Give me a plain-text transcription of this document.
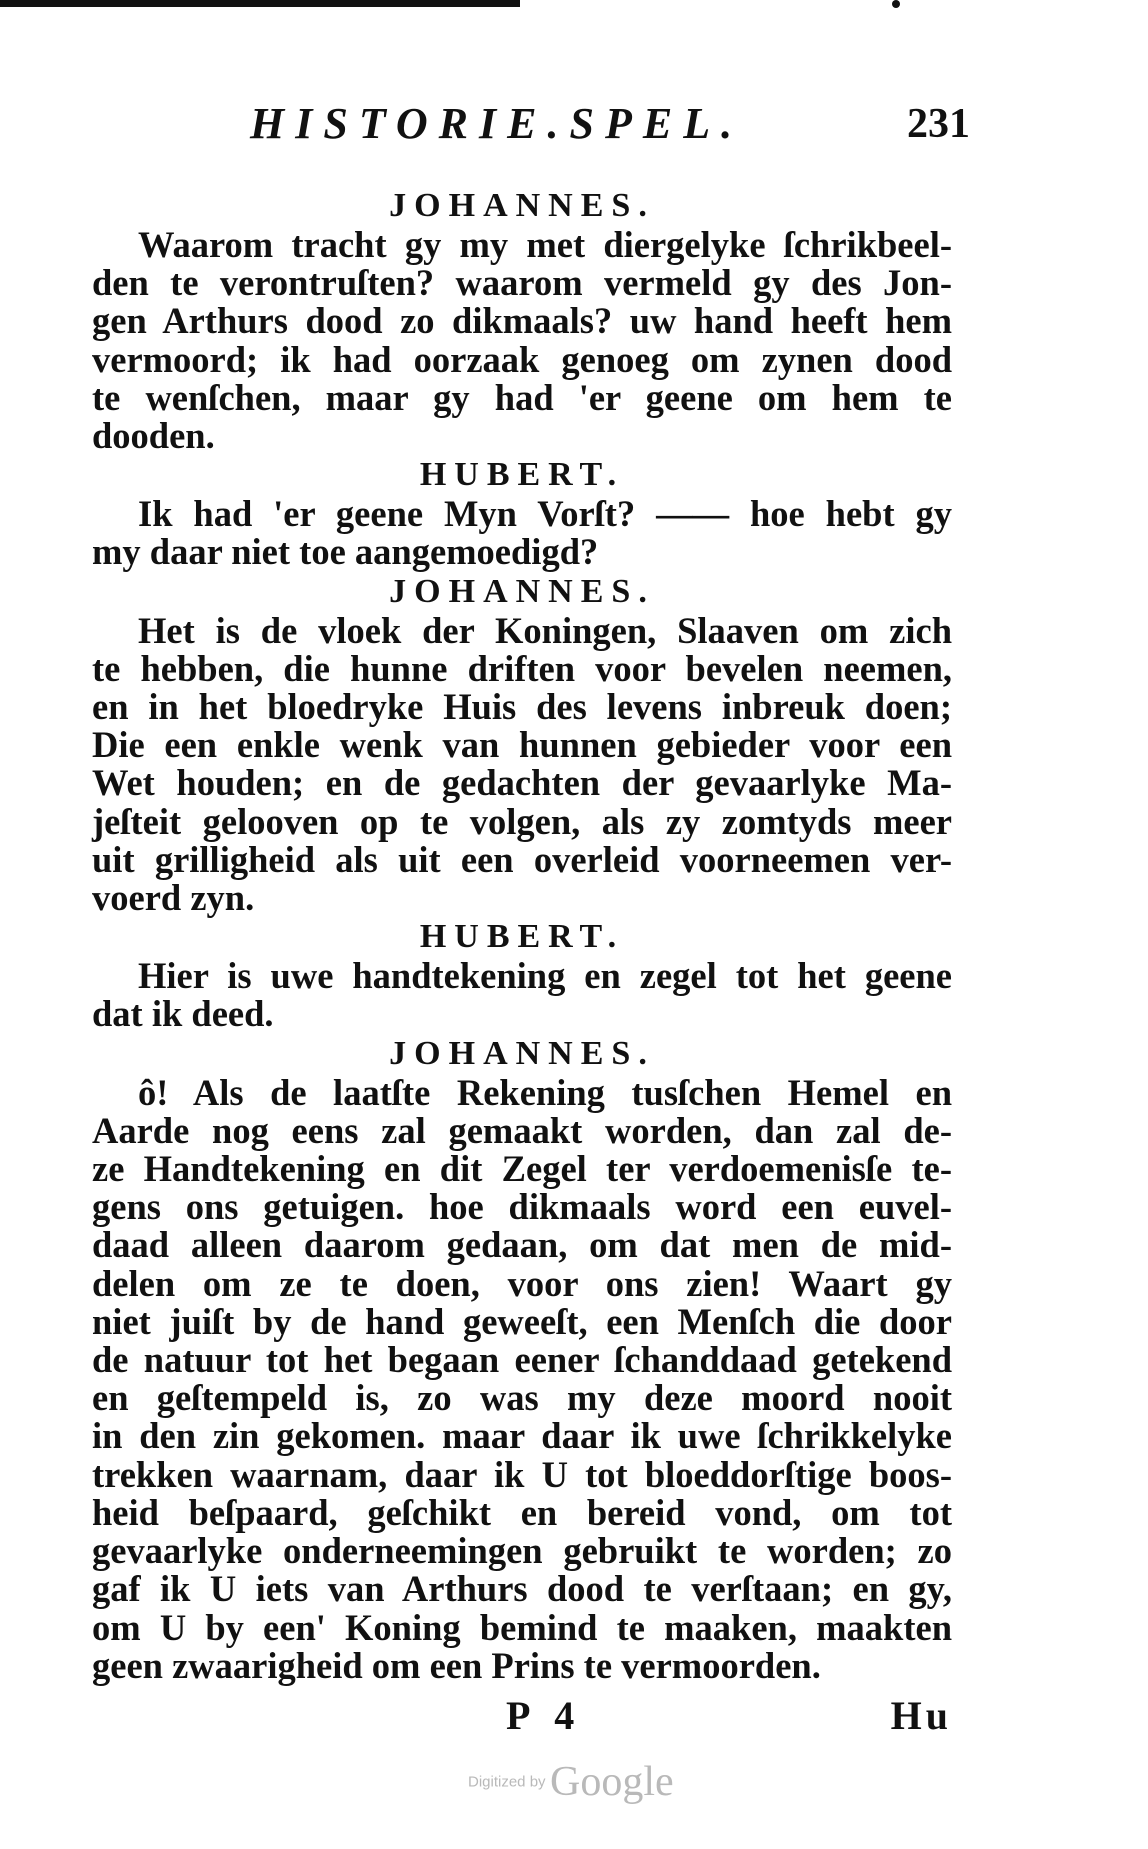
HISTORIE.SPEL.	231
JOHANNES.
Waarom tracht gy my met diergelyke ſchrikbeel-
den te verontruſten? waarom vermeld gy des Jon-
gen Arthurs dood zo dikmaals? uw hand heeft hem
vermoord; ik had oorzaak genoeg om zynen dood
te wenſchen, maar gy had 'er geene om hem te
dooden.
HUBERT.
Ik had 'er geene Myn Vorſt? —— hoe hebt gy
my daar niet toe aangemoedigd?
JOHANNES.
Het is de vloek der Koningen, Slaaven om zich
te hebben, die hunne driften voor bevelen neemen,
en in het bloedryke Huis des levens inbreuk doen;
Die een enkle wenk van hunnen gebieder voor een
Wet houden; en de gedachten der gevaarlyke Ma-
jeſteit gelooven op te volgen, als zy zomtyds meer
uit grilligheid als uit een overleid voorneemen ver-
voerd zyn.
HUBERT.
Hier is uwe handtekening en zegel tot het geene
dat ik deed.
JOHANNES.
ô! Als de laatſte Rekening tusſchen Hemel en
Aarde nog eens zal gemaakt worden, dan zal de-
ze Handtekening en dit Zegel ter verdoemenisſe te-
gens ons getuigen. hoe dikmaals word een euvel-
daad alleen daarom gedaan, om dat men de mid-
delen om ze te doen, voor ons zien! Waart gy
niet juiſt by de hand geweeſt, een Menſch die door
de natuur tot het begaan eener ſchanddaad getekend
en geſtempeld is, zo was my deze moord nooit
in den zin gekomen. maar daar ik uwe ſchrikkelyke
trekken waarnam, daar ik U tot bloeddorſtige boos-
heid beſpaard, geſchikt en bereid vond, om tot
gevaarlyke onderneemingen gebruikt te worden; zo
gaf ik U iets van Arthurs dood te verſtaan; en gy,
om U by een' Koning bemind te maaken, maakten
geen zwaarigheid om een Prins te vermoorden.
P 4	Hu
Digitized by Google
